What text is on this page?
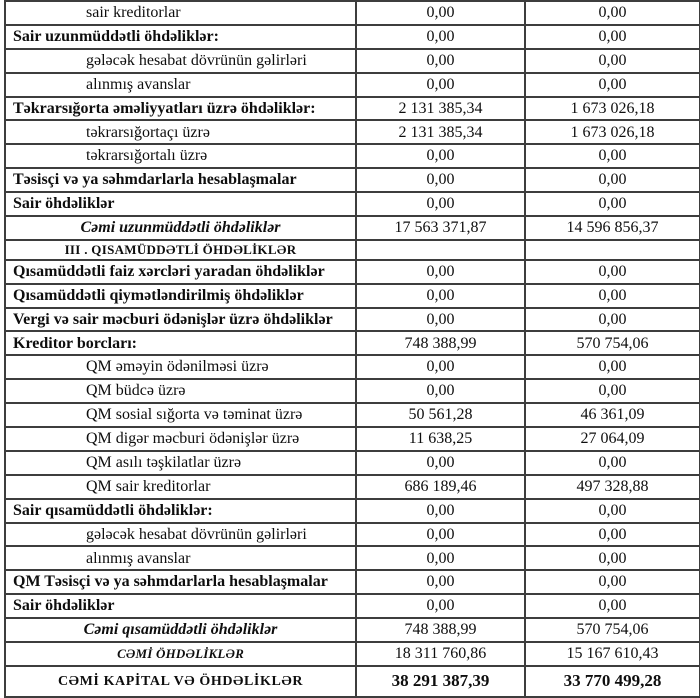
sair kreditorlar	0,00	0,00
Sair uzunmüddətli öhdəliklər:	0,00	0,00
gələcək hesabat dövrünün gəlirləri	0,00	0,00
alınmış avanslar	0,00	0,00
Təkrarsığorta əməliyyatları üzrə öhdəliklər:	2 131 385,34	1 673 026,18
təkrarsığortaçı üzrə	2 131 385,34	1 673 026,18
təkrarsığortalı üzrə	0,00	0,00
Təsisçi və ya səhmdarlarla hesablaşmalar	0,00	0,00
Sair öhdəliklər	0,00	0,00
Cəmi uzunmüddətli öhdəliklər	17 563 371,87	14 596 856,37
III . QISAMÜDDƏTLİ ÖHDƏLİKLƏR		
Qısamüddətli faiz xərcləri yaradan öhdəliklər	0,00	0,00
Qısamüddətli qiymətləndirilmiş öhdəliklər	0,00	0,00
Vergi və sair məcburi ödənişlər üzrə öhdəliklər	0,00	0,00
Kreditor borcları:	748 388,99	570 754,06
QM əməyin ödənilməsi üzrə	0,00	0,00
QM büdcə üzrə	0,00	0,00
QM sosial sığorta və təminat üzrə	50 561,28	46 361,09
QM digər məcburi ödənişlər üzrə	11 638,25	27 064,09
QM asılı təşkilatlar üzrə	0,00	0,00
QM sair kreditorlar	686 189,46	497 328,88
Sair qısamüddətli öhdəliklər:	0,00	0,00
gələcək hesabat dövrünün gəlirləri	0,00	0,00
alınmış avanslar	0,00	0,00
QM Təsisçi və ya səhmdarlarla hesablaşmalar	0,00	0,00
Sair öhdəliklər	0,00	0,00
Cəmi qısamüddətli öhdəliklər	748 388,99	570 754,06
CƏMİ ÖHDƏLİKLƏR	18 311 760,86	15 167 610,43
CƏMİ KAPİTAL VƏ ÖHDƏLİKLƏR	38 291 387,39	33 770 499,28
